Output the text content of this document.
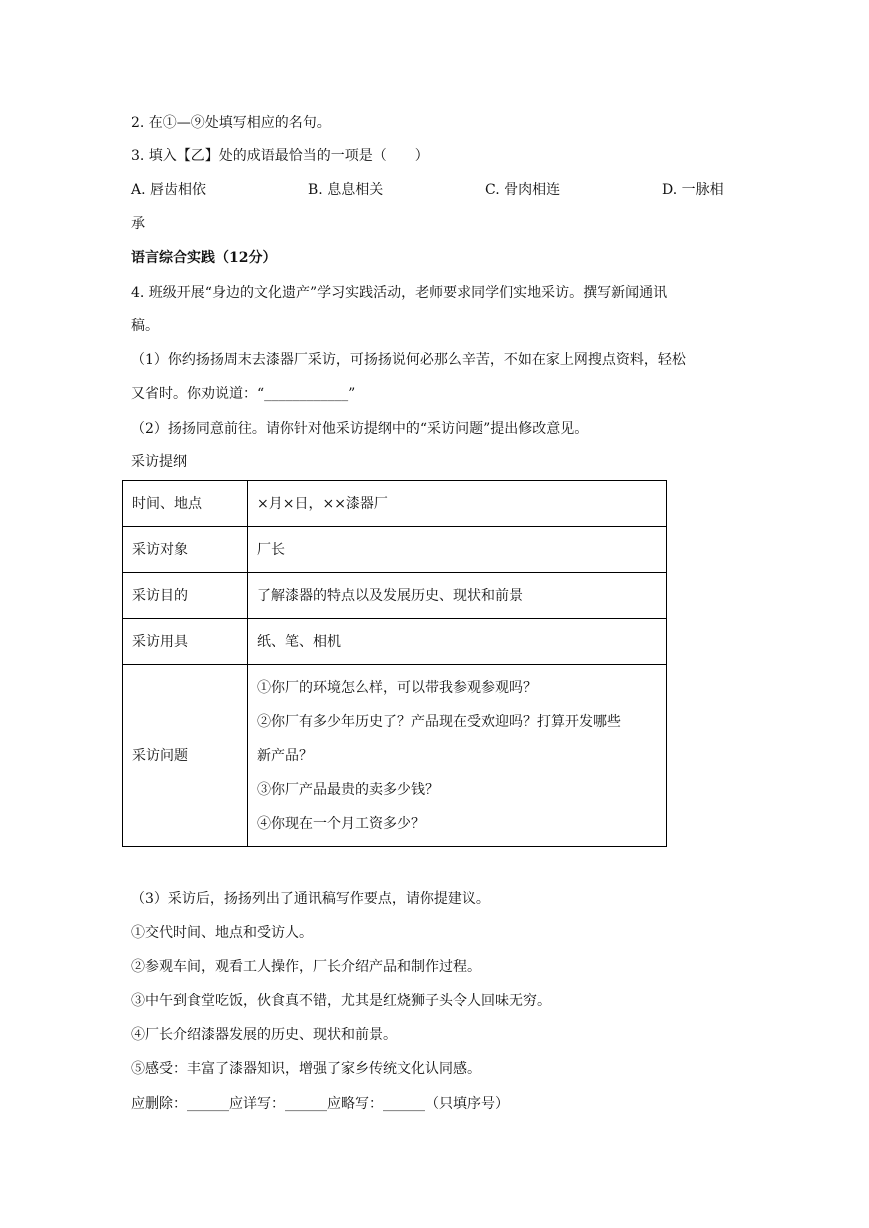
2. 在①—⑨处填写相应的名句。
3. 填入【乙】处的成语最恰当的一项是（　　）
A. 唇齿相依	B. 息息相关	C. 骨肉相连	D. 一脉相
承
语言综合实践（12分）
4. 班级开展“身边的文化遗产”学习实践活动，老师要求同学们实地采访。撰写新闻通讯
稿。
（1）你约扬扬周末去漆器厂采访，可扬扬说何必那么辛苦，不如在家上网搜点资料，轻松
又省时。你劝说道：“____________”
（2）扬扬同意前往。请你针对他采访提纲中的“采访问题”提出修改意见。
采访提纲
时间、地点	×月×日，××漆器厂
采访对象	厂长
采访目的	了解漆器的特点以及发展历史、现状和前景
采访用具	纸、笔、相机
采访问题	①你厂的环境怎么样，可以带我参观参观吗？
②你厂有多少年历史了？产品现在受欢迎吗？打算开发哪些
新产品？
③你厂产品最贵的卖多少钱？
④你现在一个月工资多少？
（3）采访后，扬扬列出了通讯稿写作要点，请你提建议。
①交代时间、地点和受访人。
②参观车间，观看工人操作，厂长介绍产品和制作过程。
③中午到食堂吃饭，伙食真不错，尤其是红烧狮子头令人回味无穷。
④厂长介绍漆器发展的历史、现状和前景。
⑤感受：丰富了漆器知识，增强了家乡传统文化认同感。
应删除：______应详写：______应略写：______（只填序号）
